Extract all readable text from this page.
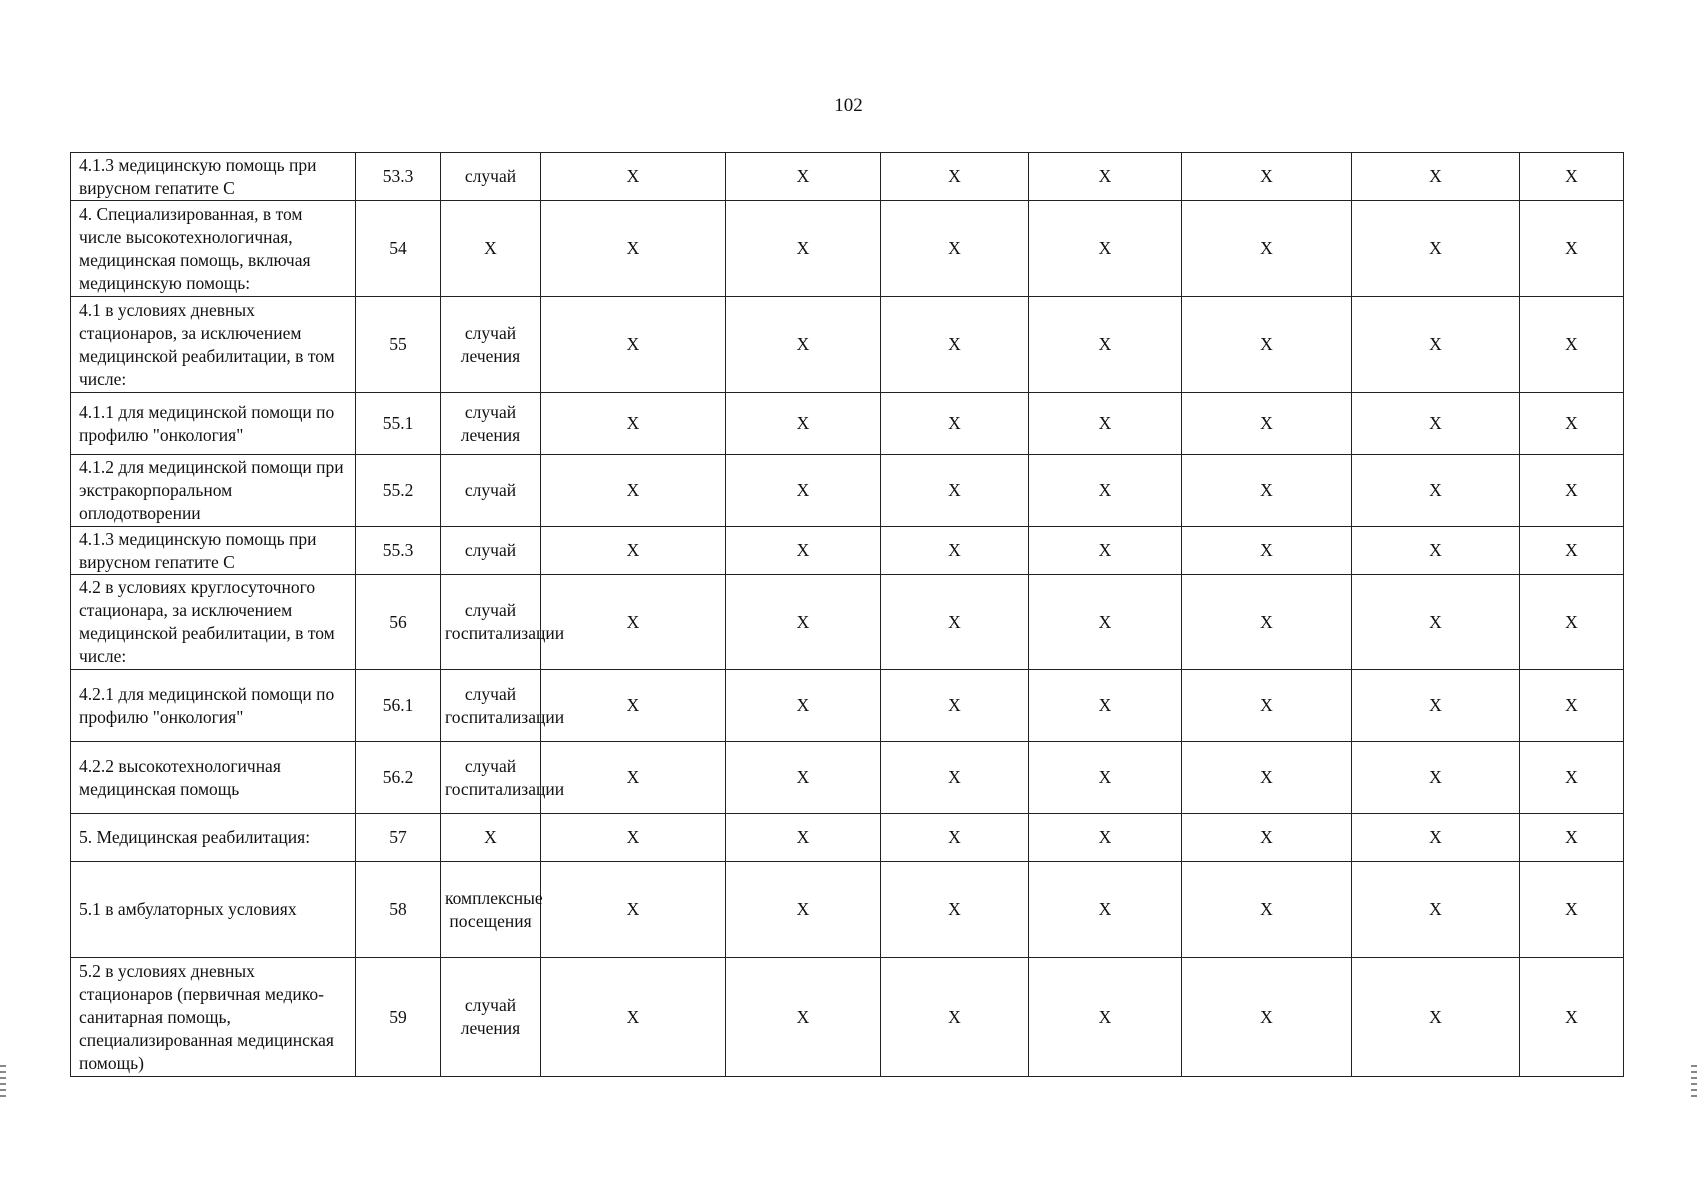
102
4.1.3 медицинскую помощь при вирусном гепатите С	53.3	случай	X	X	X	X	X	X	X
4. Специализированная, в том числе высокотехнологичная, медицинская помощь, включая медицинскую помощь:	54	X	X	X	X	X	X	X	X
4.1 в условиях дневных стационаров, за исключением медицинской реабилитации, в том числе:	55	случай лечения	X	X	X	X	X	X	X
4.1.1 для медицинской помощи по профилю "онкология"	55.1	случай лечения	X	X	X	X	X	X	X
4.1.2 для медицинской помощи при экстракорпоральном оплодотворении	55.2	случай	X	X	X	X	X	X	X
4.1.3 медицинскую помощь при вирусном гепатите С	55.3	случай	X	X	X	X	X	X	X
4.2 в условиях круглосуточного стационара, за исключением медицинской реабилитации, в том числе:	56	случай госпитализации	X	X	X	X	X	X	X
4.2.1 для медицинской помощи по профилю "онкология"	56.1	случай госпитализации	X	X	X	X	X	X	X
4.2.2 высокотехнологичная медицинская помощь	56.2	случай госпитализации	X	X	X	X	X	X	X
5. Медицинская реабилитация:	57	X	X	X	X	X	X	X	X
5.1 в амбулаторных условиях	58	комплексные посещения	X	X	X	X	X	X	X
5.2 в условиях дневных стационаров (первичная медико-санитарная помощь, специализированная медицинская помощь)	59	случай лечения	X	X	X	X	X	X	X
